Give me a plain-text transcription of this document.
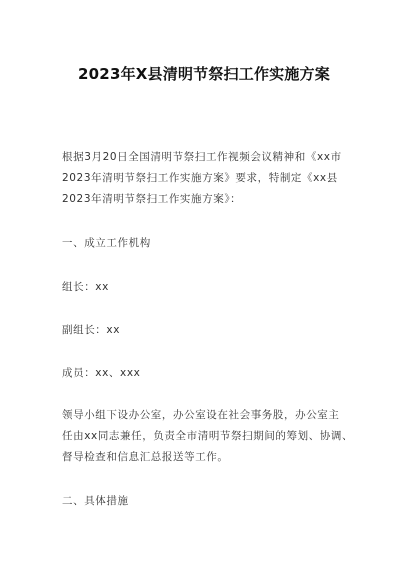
2023年X县清明节祭扫工作实施方案
根据3月20日全国清明节祭扫工作视频会议精神和《xx市
2023年清明节祭扫工作实施方案》要求，特制定《xx县
2023年清明节祭扫工作实施方案》：
一、成立工作机构
组长：xx
副组长：xx
成员：xx、xxx
领导小组下设办公室，办公室设在社会事务股，办公室主
任由xx同志兼任，负责全市清明节祭扫期间的筹划、协调、
督导检查和信息汇总报送等工作。
二、具体措施
